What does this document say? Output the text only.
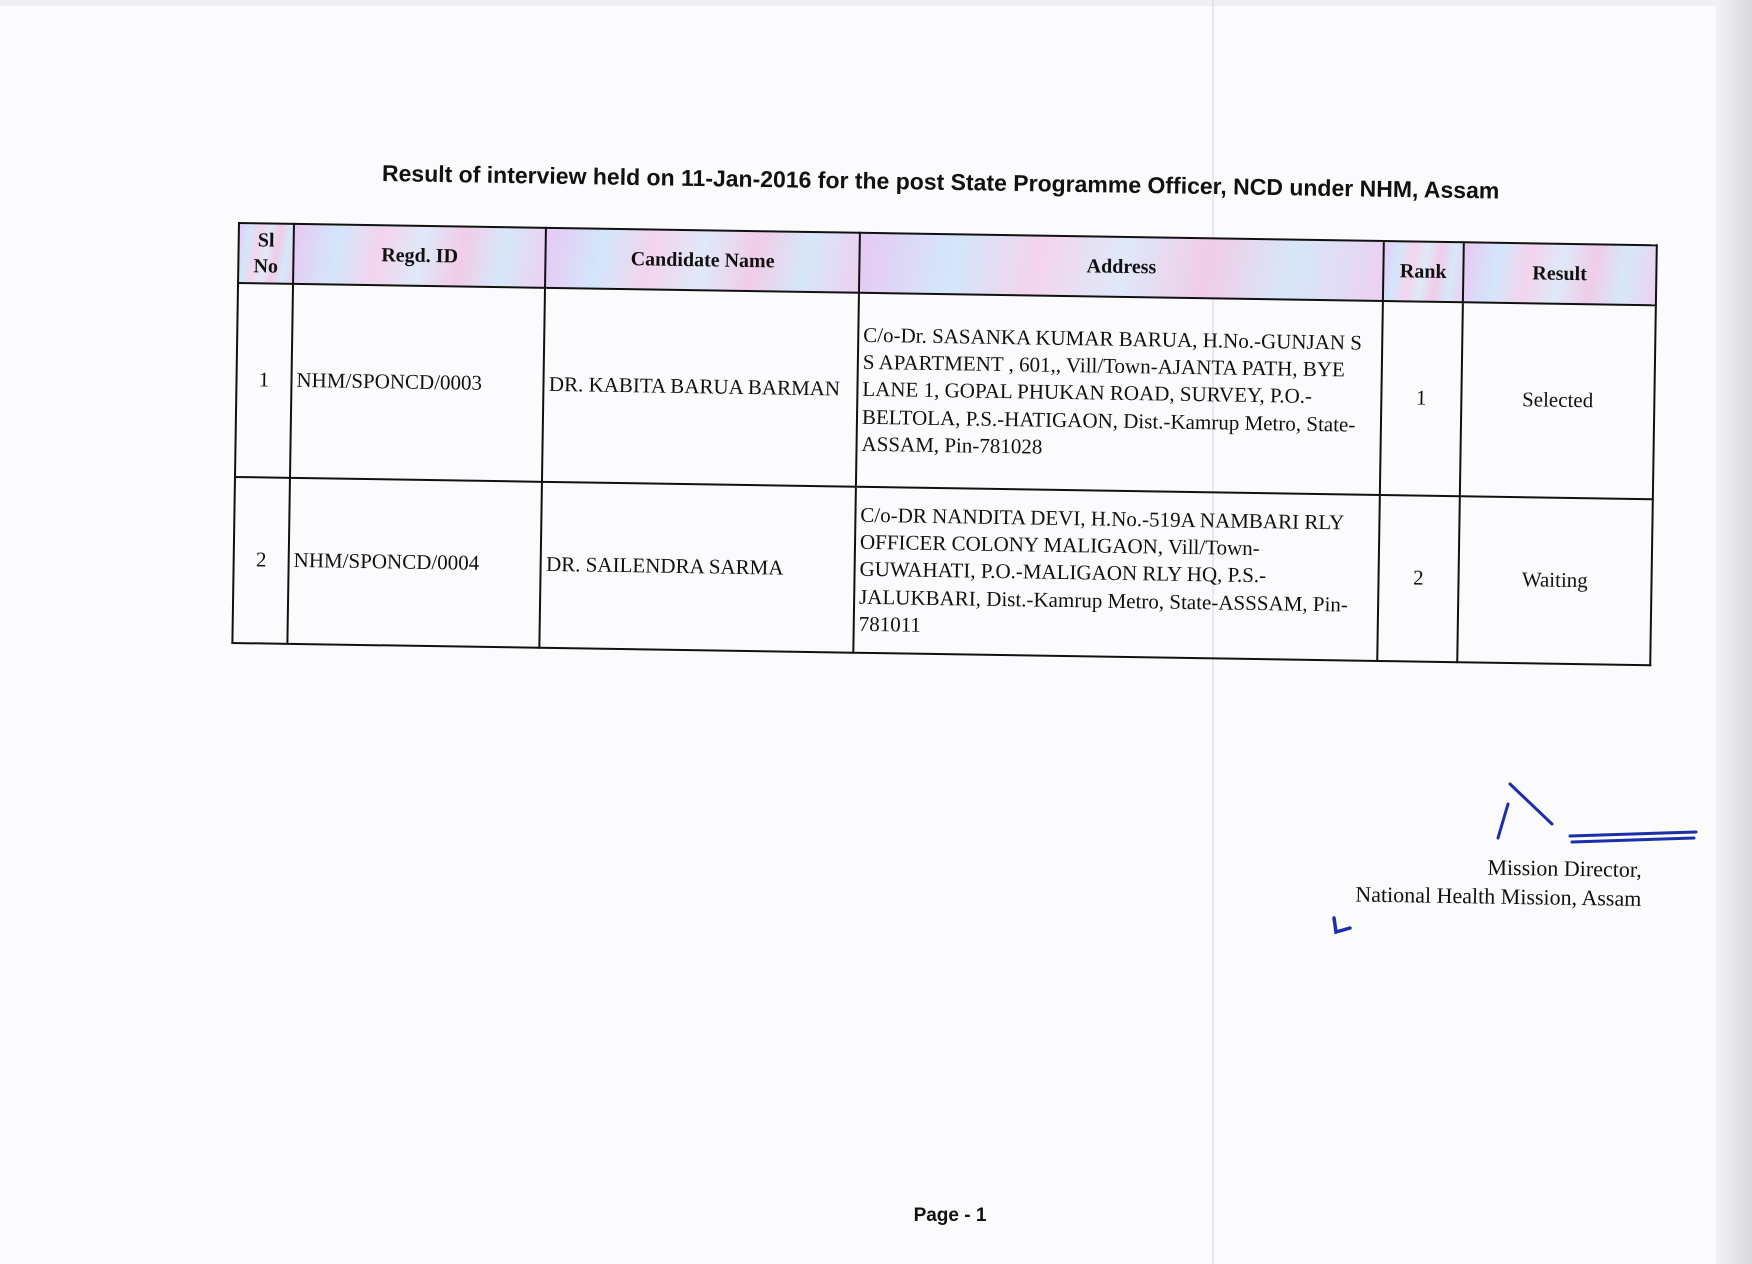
Result of interview held on 11-Jan-2016 for the post State Programme Officer, NCD under NHM, Assam
Sl No	Regd. ID	Candidate Name	Address	Rank	Result
1	NHM/SPONCD/0003	DR. KABITA BARUA BARMAN	C/o-Dr. SASANKA KUMAR BARUA, H.No.-GUNJAN S S APARTMENT , 601,, Vill/Town-AJANTA PATH, BYE LANE 1, GOPAL PHUKAN ROAD, SURVEY, P.O.-BELTOLA, P.S.-HATIGAON, Dist.-Kamrup Metro, State-ASSAM, Pin-781028	1	Selected
2	NHM/SPONCD/0004	DR. SAILENDRA SARMA	C/o-DR NANDITA DEVI, H.No.-519A NAMBARI RLY OFFICER COLONY MALIGAON, Vill/Town-GUWAHATI, P.O.-MALIGAON RLY HQ, P.S.-JALUKBARI, Dist.-Kamrup Metro, State-ASSSAM, Pin-781011	2	Waiting
Mission Director,
National Health Mission, Assam
Page - 1
